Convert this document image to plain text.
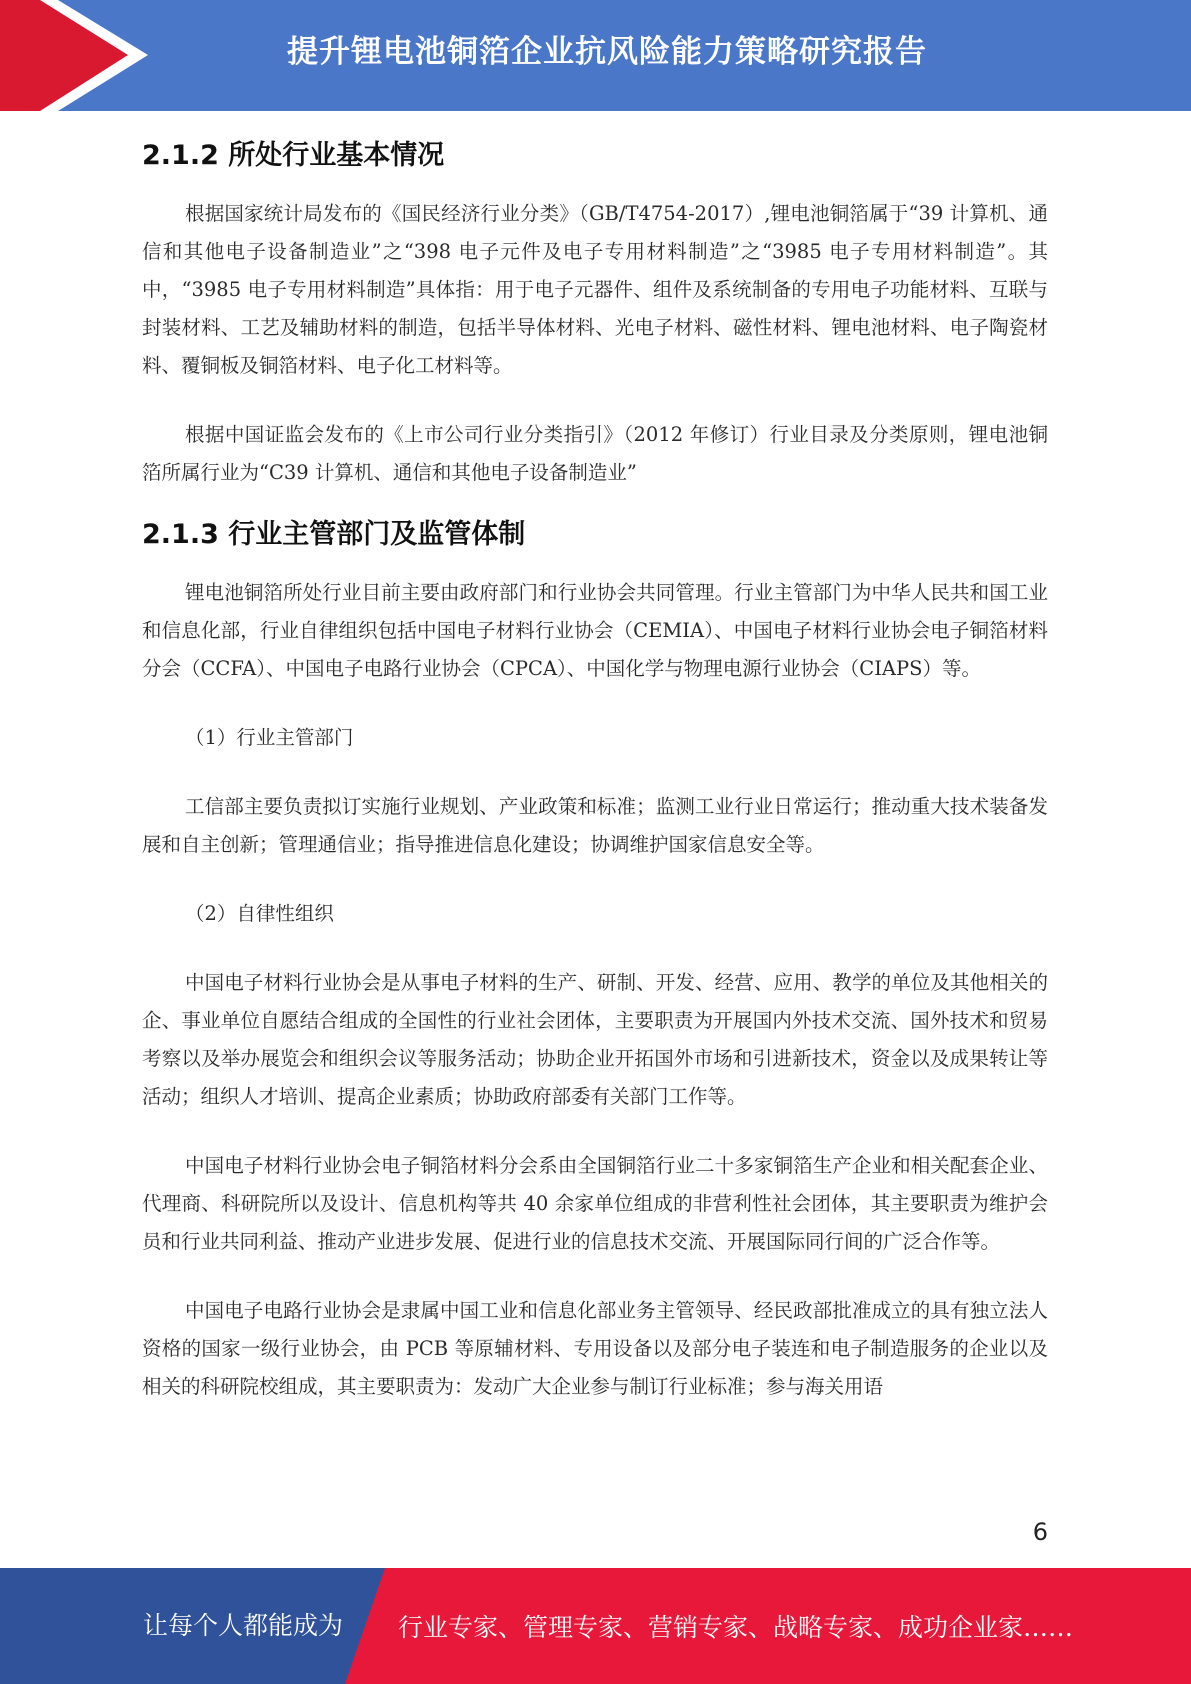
提升锂电池铜箔企业抗风险能力策略研究报告
2.1.2 所处行业基本情况

根据国家统计局发布的《国民经济行业分类》（GB/T4754-2017）,锂电池铜箔属于“39 计算机、通信和其他电子设备制造业”之“398 电子元件及电子专用材料制造”之“3985 电子专用材料制造”。其中，“3985 电子专用材料制造”具体指：用于电子元器件、组件及系统制备的专用电子功能材料、互联与封装材料、工艺及辅助材料的制造，包括半导体材料、光电子材料、磁性材料、锂电池材料、电子陶瓷材料、覆铜板及铜箔材料、电子化工材料等。

根据中国证监会发布的《上市公司行业分类指引》（2012 年修订）行业目录及分类原则，锂电池铜箔所属行业为“C39 计算机、通信和其他电子设备制造业”

2.1.3 行业主管部门及监管体制

锂电池铜箔所处行业目前主要由政府部门和行业协会共同管理。行业主管部门为中华人民共和国工业和信息化部，行业自律组织包括中国电子材料行业协会（CEMIA）、中国电子材料行业协会电子铜箔材料分会（CCFA）、中国电子电路行业协会（CPCA）、中国化学与物理电源行业协会（CIAPS）等。

（1）行业主管部门

工信部主要负责拟订实施行业规划、产业政策和标准；监测工业行业日常运行；推动重大技术装备发展和自主创新；管理通信业；指导推进信息化建设；协调维护国家信息安全等。

（2）自律性组织

中国电子材料行业协会是从事电子材料的生产、研制、开发、经营、应用、教学的单位及其他相关的企、事业单位自愿结合组成的全国性的行业社会团体，主要职责为开展国内外技术交流、国外技术和贸易考察以及举办展览会和组织会议等服务活动；协助企业开拓国外市场和引进新技术，资金以及成果转让等活动；组织人才培训、提高企业素质；协助政府部委有关部门工作等。

中国电子材料行业协会电子铜箔材料分会系由全国铜箔行业二十多家铜箔生产企业和相关配套企业、代理商、科研院所以及设计、信息机构等共 40 余家单位组成的非营利性社会团体，其主要职责为维护会员和行业共同利益、推动产业进步发展、促进行业的信息技术交流、开展国际同行间的广泛合作等。

中国电子电路行业协会是隶属中国工业和信息化部业务主管领导、经民政部批准成立的具有独立法人资格的国家一级行业协会，由 PCB 等原辅材料、专用设备以及部分电子装连和电子制造服务的企业以及相关的科研院校组成，其主要职责为：发动广大企业参与制订行业标准；参与海关用语

6
让每个人都能成为 行业专家、管理专家、营销专家、战略专家、成功企业家……
